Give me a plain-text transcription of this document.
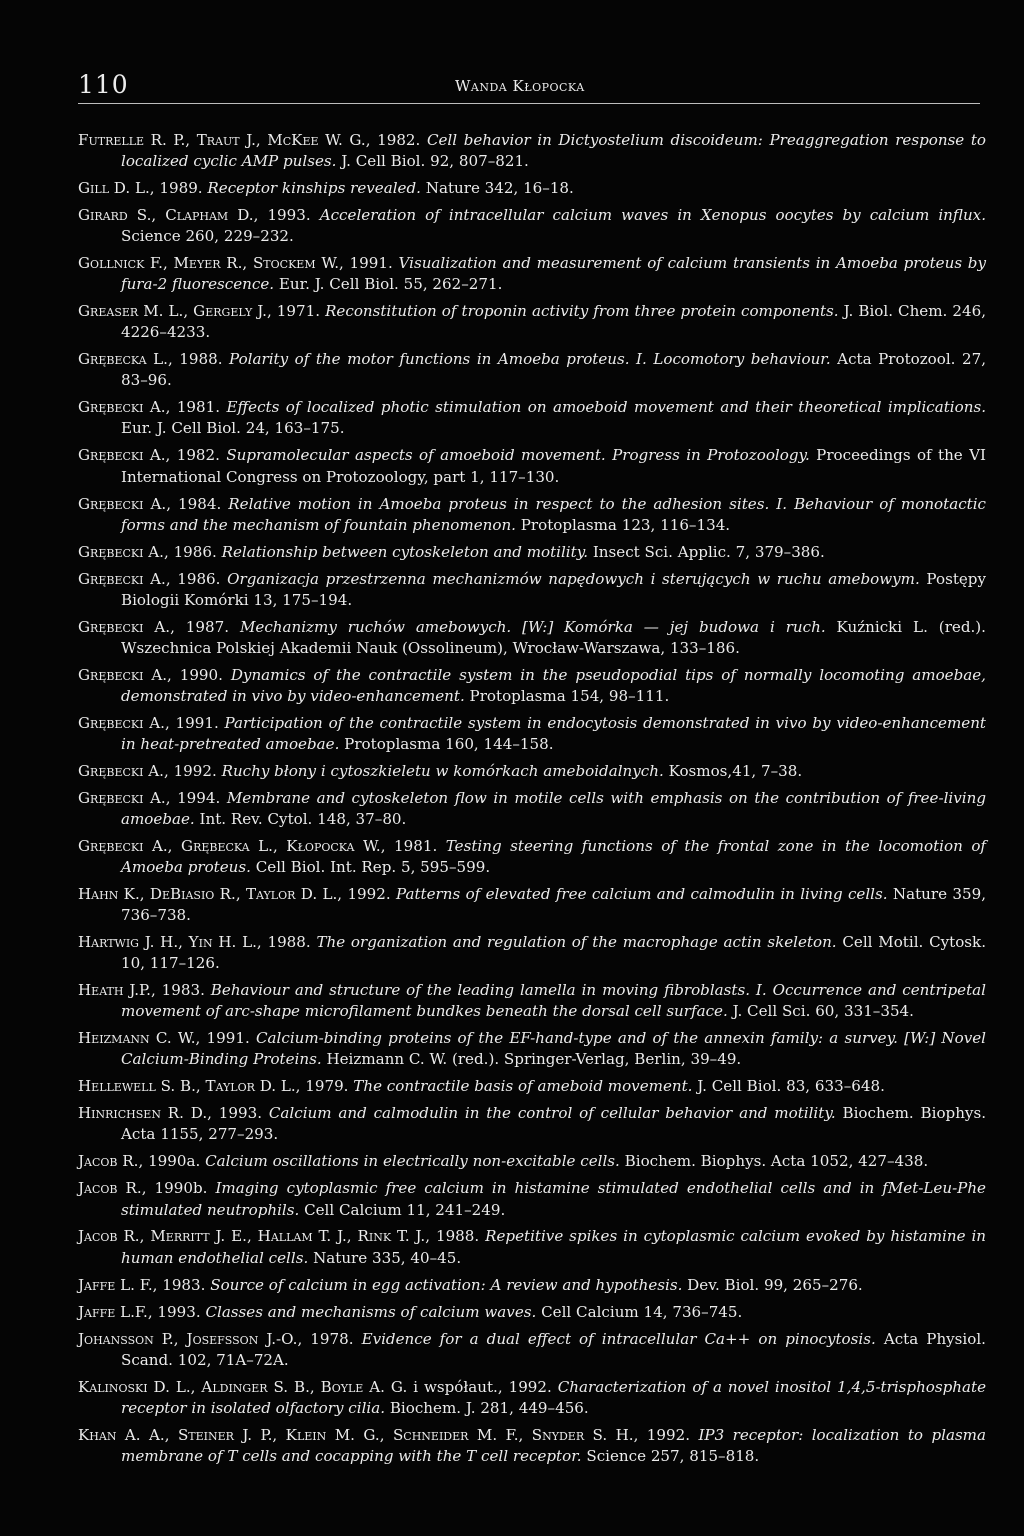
110	Wanda Kłopocka
Futrelle R. P., Traut J., McKee W. G., 1982. Cell behavior in Dictyostelium discoideum: Preaggregation response to localized cyclic AMP pulses. J. Cell Biol. 92, 807–821.
Gill D. L., 1989. Receptor kinships revealed. Nature 342, 16–18.
Girard S., Clapham D., 1993. Acceleration of intracellular calcium waves in Xenopus oocytes by calcium influx. Science 260, 229–232.
Gollnick F., Meyer R., Stockem W., 1991. Visualization and measurement of calcium transients in Amoeba proteus by fura-2 fluorescence. Eur. J. Cell Biol. 55, 262–271.
Greaser M. L., Gergely J., 1971. Reconstitution of troponin activity from three protein components. J. Biol. Chem. 246, 4226–4233.
Grębecka L., 1988. Polarity of the motor functions in Amoeba proteus. I. Locomotory behaviour. Acta Protozool. 27, 83–96.
Grębecki A., 1981. Effects of localized photic stimulation on amoeboid movement and their theoretical implications. Eur. J. Cell Biol. 24, 163–175.
Grębecki A., 1982. Supramolecular aspects of amoeboid movement. Progress in Protozoology. Proceedings of the VI International Congress on Protozoology, part 1, 117–130.
Grębecki A., 1984. Relative motion in Amoeba proteus in respect to the adhesion sites. I. Behaviour of monotactic forms and the mechanism of fountain phenomenon. Protoplasma 123, 116–134.
Grębecki A., 1986. Relationship between cytoskeleton and motility. Insect Sci. Applic. 7, 379–386.
Grębecki A., 1986. Organizacja przestrzenna mechanizmów napędowych i sterujących w ruchu amebowym. Postępy Biologii Komórki 13, 175–194.
Grębecki A., 1987. Mechanizmy ruchów amebowych. [W:] Komórka — jej budowa i ruch. Kuźnicki L. (red.). Wszechnica Polskiej Akademii Nauk (Ossolineum), Wrocław-Warszawa, 133–186.
Grębecki A., 1990. Dynamics of the contractile system in the pseudopodial tips of normally locomoting amoebae, demonstrated in vivo by video-enhancement. Protoplasma 154, 98–111.
Grębecki A., 1991. Participation of the contractile system in endocytosis demonstrated in vivo by video-enhancement in heat-pretreated amoebae. Protoplasma 160, 144–158.
Grębecki A., 1992. Ruchy błony i cytoszkieletu w komórkach ameboidalnych. Kosmos,41, 7–38.
Grębecki A., 1994. Membrane and cytoskeleton flow in motile cells with emphasis on the contribution of free-living amoebae. Int. Rev. Cytol. 148, 37–80.
Grębecki A., Grębecka L., Kłopocka W., 1981. Testing steering functions of the frontal zone in the locomotion of Amoeba proteus. Cell Biol. Int. Rep. 5, 595–599.
Hahn K., DeBiasio R., Taylor D. L., 1992. Patterns of elevated free calcium and calmodulin in living cells. Nature 359, 736–738.
Hartwig J. H., Yin H. L., 1988. The organization and regulation of the macrophage actin skeleton. Cell Motil. Cytosk. 10, 117–126.
Heath J.P., 1983. Behaviour and structure of the leading lamella in moving fibroblasts. I. Occurrence and centripetal movement of arc-shape microfilament bundkes beneath the dorsal cell surface. J. Cell Sci. 60, 331–354.
Heizmann C. W., 1991. Calcium-binding proteins of the EF-hand-type and of the annexin family: a survey. [W:] Novel Calcium-Binding Proteins. Heizmann C. W. (red.). Springer-Verlag, Berlin, 39–49.
Hellewell S. B., Taylor D. L., 1979. The contractile basis of ameboid movement. J. Cell Biol. 83, 633–648.
Hinrichsen R. D., 1993. Calcium and calmodulin in the control of cellular behavior and motility. Biochem. Biophys. Acta 1155, 277–293.
Jacob R., 1990a. Calcium oscillations in electrically non-excitable cells. Biochem. Biophys. Acta 1052, 427–438.
Jacob R., 1990b. Imaging cytoplasmic free calcium in histamine stimulated endothelial cells and in fMet-Leu-Phe stimulated neutrophils. Cell Calcium 11, 241–249.
Jacob R., Merritt J. E., Hallam T. J., Rink T. J., 1988. Repetitive spikes in cytoplasmic calcium evoked by histamine in human endothelial cells. Nature 335, 40–45.
Jaffe L. F., 1983. Source of calcium in egg activation: A review and hypothesis. Dev. Biol. 99, 265–276.
Jaffe L.F., 1993. Classes and mechanisms of calcium waves. Cell Calcium 14, 736–745.
Johansson P., Josefsson J.-O., 1978. Evidence for a dual effect of intracellular Ca++ on pinocytosis. Acta Physiol. Scand. 102, 71A–72A.
Kalinoski D. L., Aldinger S. B., Boyle A. G. i współaut., 1992. Characterization of a novel inositol 1,4,5-trisphosphate receptor in isolated olfactory cilia. Biochem. J. 281, 449–456.
Khan A. A., Steiner J. P., Klein M. G., Schneider M. F., Snyder S. H., 1992. IP3 receptor: localization to plasma membrane of T cells and cocapping with the T cell receptor. Science 257, 815–818.
